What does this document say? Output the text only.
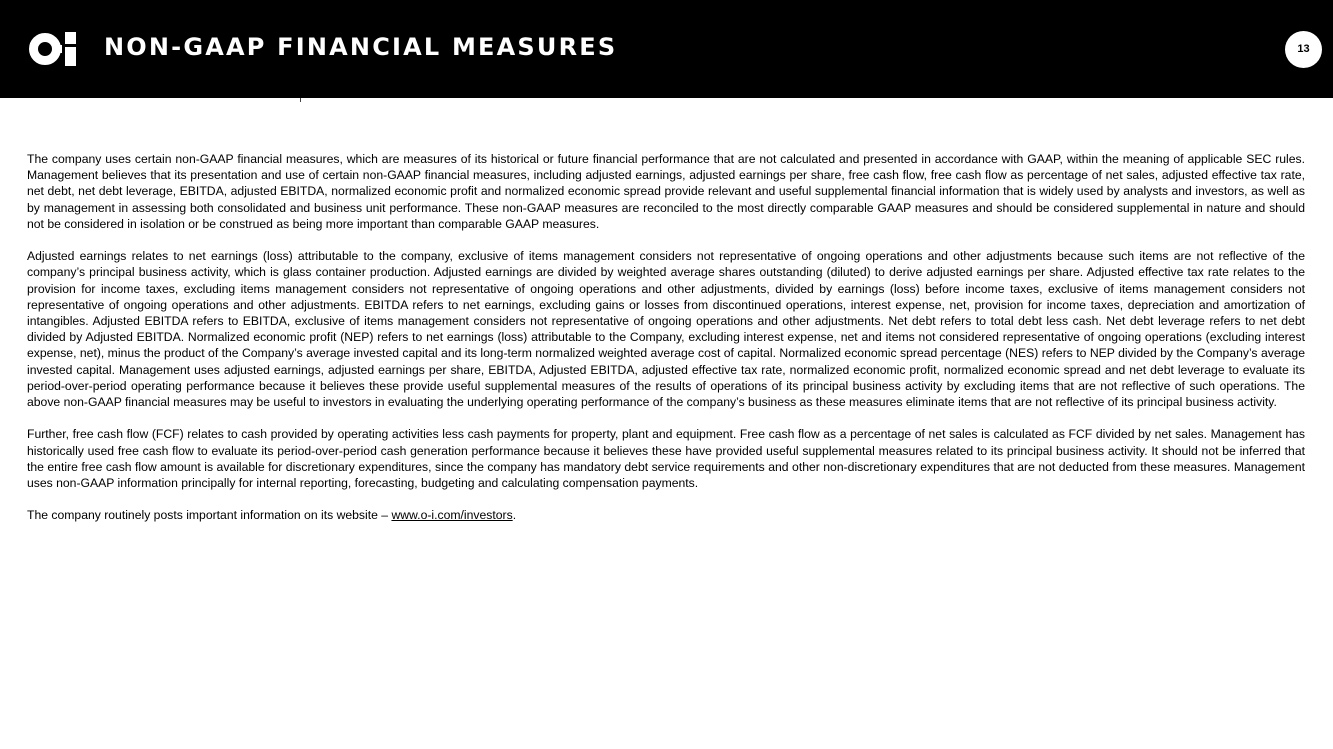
NON-GAAP FINANCIAL MEASURES	13

The company uses certain non-GAAP financial measures, which are measures of its historical or future financial performance that are not calculated and presented in accordance with GAAP, within the meaning of applicable SEC rules. Management believes that its presentation and use of certain non-GAAP financial measures, including adjusted earnings, adjusted earnings per share, free cash flow, free cash flow as percentage of net sales, adjusted effective tax rate, net debt, net debt leverage, EBITDA, adjusted EBITDA, normalized economic profit and normalized economic spread provide relevant and useful supplemental financial information that is widely used by analysts and investors, as well as by management in assessing both consolidated and business unit performance. These non-GAAP measures are reconciled to the most directly comparable GAAP measures and should be considered supplemental in nature and should not be considered in isolation or be construed as being more important than comparable GAAP measures.

Adjusted earnings relates to net earnings (loss) attributable to the company, exclusive of items management considers not representative of ongoing operations and other adjustments because such items are not reflective of the company’s principal business activity, which is glass container production. Adjusted earnings are divided by weighted average shares outstanding (diluted) to derive adjusted earnings per share. Adjusted effective tax rate relates to the provision for income taxes, excluding items management considers not representative of ongoing operations and other adjustments, divided by earnings (loss) before income taxes, exclusive of items management considers not representative of ongoing operations and other adjustments. EBITDA refers to net earnings, excluding gains or losses from discontinued operations, interest expense, net, provision for income taxes, depreciation and amortization of intangibles. Adjusted EBITDA refers to EBITDA, exclusive of items management considers not representative of ongoing operations and other adjustments. Net debt refers to total debt less cash. Net debt leverage refers to net debt divided by Adjusted EBITDA. Normalized economic profit (NEP) refers to net earnings (loss) attributable to the Company, excluding interest expense, net and items not considered representative of ongoing operations (excluding interest expense, net), minus the product of the Company’s average invested capital and its long-term normalized weighted average cost of capital. Normalized economic spread percentage (NES) refers to NEP divided by the Company’s average invested capital. Management uses adjusted earnings, adjusted earnings per share, EBITDA, Adjusted EBITDA, adjusted effective tax rate, normalized economic profit, normalized economic spread and net debt leverage to evaluate its period-over-period operating performance because it believes these provide useful supplemental measures of the results of operations of its principal business activity by excluding items that are not reflective of such operations. The above non-GAAP financial measures may be useful to investors in evaluating the underlying operating performance of the company’s business as these measures eliminate items that are not reflective of its principal business activity.

Further, free cash flow (FCF) relates to cash provided by operating activities less cash payments for property, plant and equipment. Free cash flow as a percentage of net sales is calculated as FCF divided by net sales. Management has historically used free cash flow to evaluate its period-over-period cash generation performance because it believes these have provided useful supplemental measures related to its principal business activity. It should not be inferred that the entire free cash flow amount is available for discretionary expenditures, since the company has mandatory debt service requirements and other non-discretionary expenditures that are not deducted from these measures. Management uses non-GAAP information principally for internal reporting, forecasting, budgeting and calculating compensation payments.

The company routinely posts important information on its website – www.o-i.com/investors.
